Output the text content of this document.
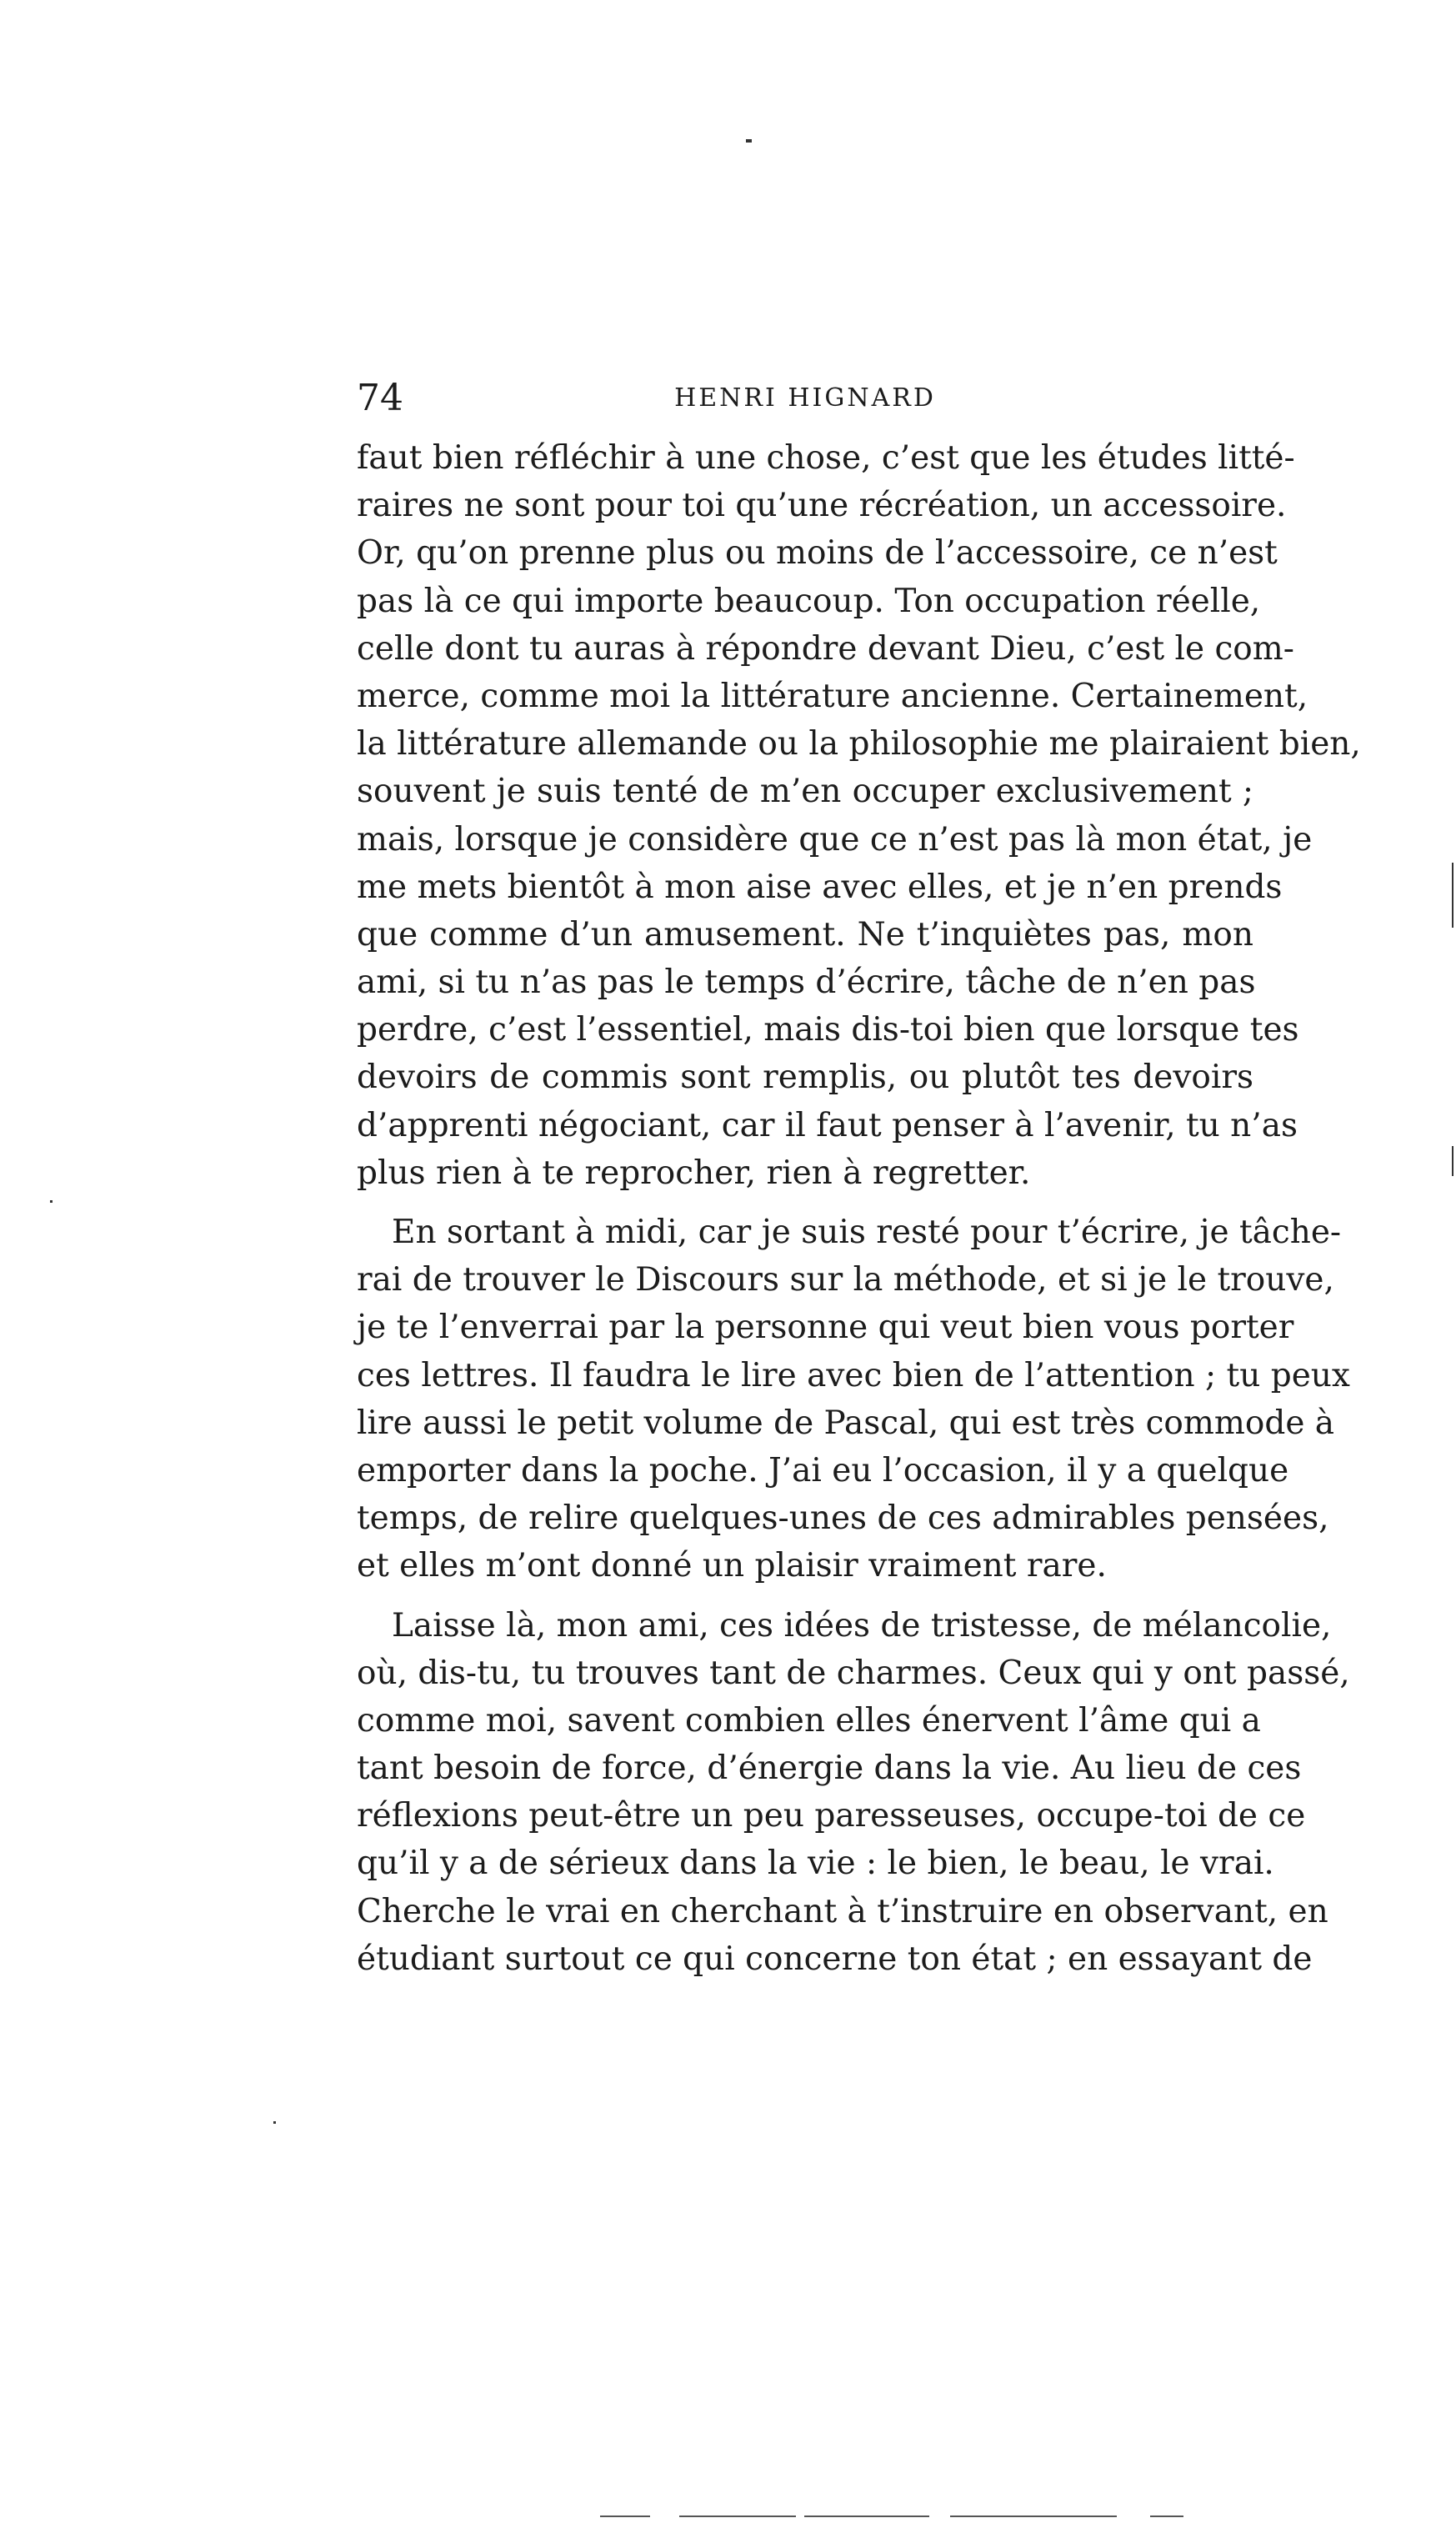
74	HENRI HIGNARD
faut bien réfléchir à une chose, c’est que les études litté-
raires ne sont pour toi qu’une récréation, un accessoire.
Or, qu’on prenne plus ou moins de l’accessoire, ce n’est
pas là ce qui importe beaucoup. Ton occupation réelle,
celle dont tu auras à répondre devant Dieu, c’est le com-
merce, comme moi la littérature ancienne. Certainement,
la littérature allemande ou la philosophie me plairaient bien,
souvent je suis tenté de m’en occuper exclusivement ;
mais, lorsque je considère que ce n’est pas là mon état, je
me mets bientôt à mon aise avec elles, et je n’en prends
que comme d’un amusement. Ne t’inquiètes pas, mon
ami, si tu n’as pas le temps d’écrire, tâche de n’en pas
perdre, c’est l’essentiel, mais dis-toi bien que lorsque tes
devoirs de commis sont remplis, ou plutôt tes devoirs
d’apprenti négociant, car il faut penser à l’avenir, tu n’as
plus rien à te reprocher, rien à regretter.
En sortant à midi, car je suis resté pour t’écrire, je tâche-
rai de trouver le Discours sur la méthode, et si je le trouve,
je te l’enverrai par la personne qui veut bien vous porter
ces lettres. Il faudra le lire avec bien de l’attention ; tu peux
lire aussi le petit volume de Pascal, qui est très commode à
emporter dans la poche. J’ai eu l’occasion, il y a quelque
temps, de relire quelques-unes de ces admirables pensées,
et elles m’ont donné un plaisir vraiment rare.
Laisse là, mon ami, ces idées de tristesse, de mélancolie,
où, dis-tu, tu trouves tant de charmes. Ceux qui y ont passé,
comme moi, savent combien elles énervent l’âme qui a
tant besoin de force, d’énergie dans la vie. Au lieu de ces
réflexions peut-être un peu paresseuses, occupe-toi de ce
qu’il y a de sérieux dans la vie : le bien, le beau, le vrai.
Cherche le vrai en cherchant à t’instruire en observant, en
étudiant surtout ce qui concerne ton état ; en essayant de
